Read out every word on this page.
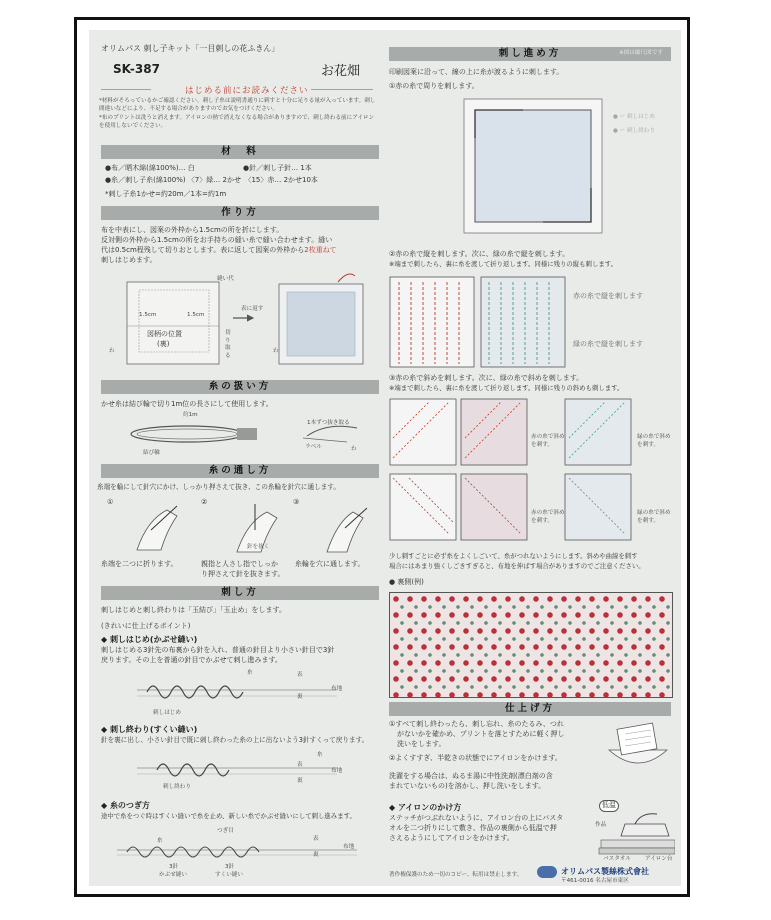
オリムパス 刺し子キット「一目刺しの花ふきん」
SK-387	お花畑
はじめる前にお読みください
*材料がそろっているかご確認ください。刺し子糸は説明書通りに刺すと十分に足りる量が入っています。刺し間違いなどにより、不足する場合がありますのでお気をつけください。
*布のプリントは洗うと消えます。アイロンの熱で消えなくなる場合がありますので、刺し終わる前にアイロンを使用しないでください。
材　料
●布／晒木綿(綿100%)… 白	●針／刺し子針… 1本
●糸／刺し子糸(綿100%) 〈7〉緑… 2かせ　〈15〉赤… 2かせ10本
*刺し子糸1かせ=約20m／1本=約1m
作り方
布を中表にし、図案の外枠から1.5cmの所を折にします。
反対側の外枠から1.5cmの所をお手持ちの縫い糸で縫い合わせます。縫い
代は0.5cm程残して切りおとします。表に返して図案の外枠から2枚重ねて
刺しはじめます。
縫い代
1.5cm	1.5cm
図柄の位置
(裏)
わ
切り取る
表に返す
わ
糸の扱い方
かせ糸は結び輪で切り1m位の長さにして使用します。
約1m
結び輪
1本ずつ抜き取る
ラベル	わ
糸の通し方
糸端を輪にして針穴にかけ、しっかり押さえて抜き、この糸輪を針穴に通します。
①	②	③
針を抜く
糸端を二つに折ります。	親指と人さし指でしっか
り押さえて針を抜きます。
糸輪を穴に通します。
刺し方
刺しはじめと刺し終わりは「玉結び」「玉止め」をします。
(きれいに仕上げるポイント)
◆ 刺しはじめ(かぶせ縫い)
刺しはじめる3針先の布裏から針を入れ、普通の針目より小さい針目で3針
戻ります。その上を普通の針目でかぶせて刺し進みます。
表
裏
布地
糸
刺しはじめ
◆ 刺し終わり(すくい縫い)
針を裏に出し、小さい針目で既に刺し終わった糸の上に出ないよう3針すくって戻ります。
糸
表
裏
布地
刺し終わり
◆ 糸のつぎ方
途中で糸をつぐ時はすくい縫いで糸を止め、新しい糸でかぶせ縫いにして刺し進みます。
つぎ目
糸	表
裏
布地
3針
かぶせ縫い
3針
すくい縫い
刺し進め方	※図は縮尺図です
印刷図案に沿って、線の上に糸が渡るように刺します。
①赤の糸で周りを刺します。
● ー 刺しはじめ
● ー 刺し終わり
②赤の糸で縦を刺します。次に、緑の糸で縦を刺します。
※端まで刺したら、裏に糸を渡して折り返します。同様に残りの縦も刺します。
赤の糸で縦を刺します
緑の糸で縦を刺します
③赤の糸で斜めを刺します。次に、緑の糸で斜めを刺します。
※端まで刺したら、裏に糸を渡して折り返します。同様に残りの斜めも刺します。
赤の糸で斜めを刺す。
緑の糸で斜めを刺す。
赤の糸で斜めを刺す。
緑の糸で斜めを刺す。
少し刺すごとに必ず糸をよくしごいて、糸がつれないようにします。斜めや曲線を刺す
場合にはあまり強くしごきすぎると、布地を伸ばす場合がありますのでご注意ください。
● 裏側(例)
仕上げ方
①すべて刺し終わったら、刺し忘れ、糸のたるみ、つれ
がないかを確かめ、プリントを落とすために軽く押し
洗いをします。
②よくすすぎ、半乾きの状態でにアイロンをかけます。
洗濯をする場合は、ぬるま湯に中性洗剤(漂白剤の含
まれていないもの)を溶かし、押し洗いをします。
◆ アイロンのかけ方
ステッチがつぶれないように、アイロン台の上にバスタ
オルを二つ折りにして敷き、作品の裏側から低温で押
さえるようにしてアイロンをかけます。
低温
作品
バスタオル	アイロン台
著作権保護のため一切のコピー、転用は禁止します。	オリムパス製絲株式會社
〒461-0016 名古屋市東区
